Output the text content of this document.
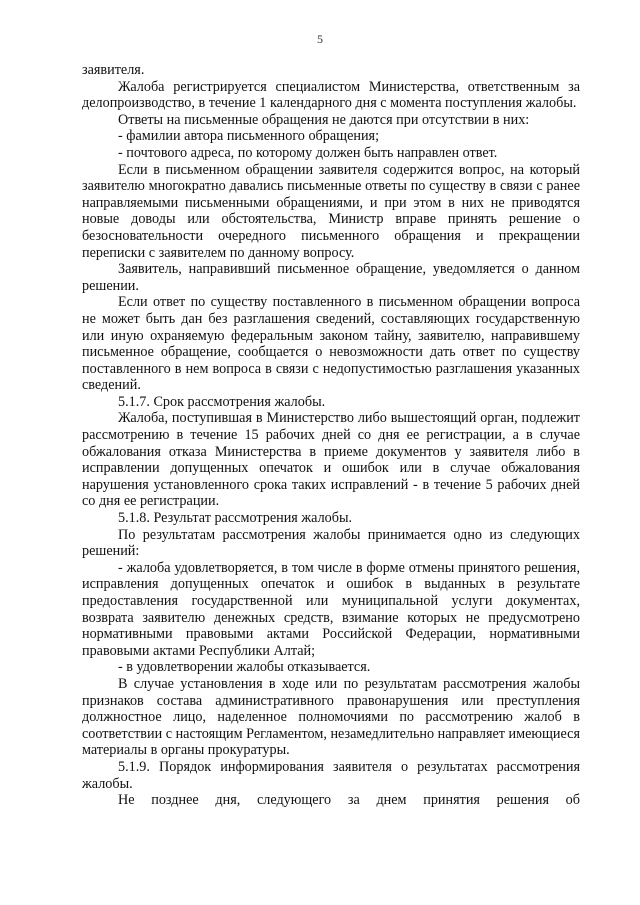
5

заявителя.

Жалоба регистрируется специалистом Министерства, ответственным за делопроизводство, в течение 1 календарного дня с момента поступления жалобы.

Ответы на письменные обращения не даются при отсутствии в них:

- фамилии автора письменного обращения;

- почтового адреса, по которому должен быть направлен ответ.

Если в письменном обращении заявителя содержится вопрос, на который заявителю многократно давались письменные ответы по существу в связи с ранее направляемыми письменными обращениями, и при этом в них не приводятся новые доводы или обстоятельства, Министр вправе принять решение о безосновательности очередного письменного обращения и прекращении переписки с заявителем по данному вопросу.

Заявитель, направивший письменное обращение, уведомляется о данном решении.

Если ответ по существу поставленного в письменном обращении вопроса не может быть дан без разглашения сведений, составляющих государственную или иную охраняемую федеральным законом тайну, заявителю, направившему письменное обращение, сообщается о невозможности дать ответ по существу поставленного в нем вопроса в связи с недопустимостью разглашения указанных сведений.

5.1.7. Срок рассмотрения жалобы.

Жалоба, поступившая в Министерство либо вышестоящий орган, подлежит рассмотрению в течение 15 рабочих дней со дня ее регистрации, а в случае обжалования отказа Министерства в приеме документов у заявителя либо в исправлении допущенных опечаток и ошибок или в случае обжалования нарушения установленного срока таких исправлений - в течение 5 рабочих дней со дня ее регистрации.

5.1.8. Результат рассмотрения жалобы.

По результатам рассмотрения жалобы принимается одно из следующих решений:

- жалоба удовлетворяется, в том числе в форме отмены принятого решения, исправления допущенных опечаток и ошибок в выданных в результате предоставления государственной или муниципальной услуги документах, возврата заявителю денежных средств, взимание которых не предусмотрено нормативными правовыми актами Российской Федерации, нормативными правовыми актами Республики Алтай;

- в удовлетворении жалобы отказывается.

В случае установления в ходе или по результатам рассмотрения жалобы признаков состава административного правонарушения или преступления должностное лицо, наделенное полномочиями по рассмотрению жалоб в соответствии с настоящим Регламентом, незамедлительно направляет имеющиеся материалы в органы прокуратуры.

5.1.9. Порядок информирования заявителя о результатах рассмотрения жалобы.

Не позднее дня, следующего за днем принятия решения об
